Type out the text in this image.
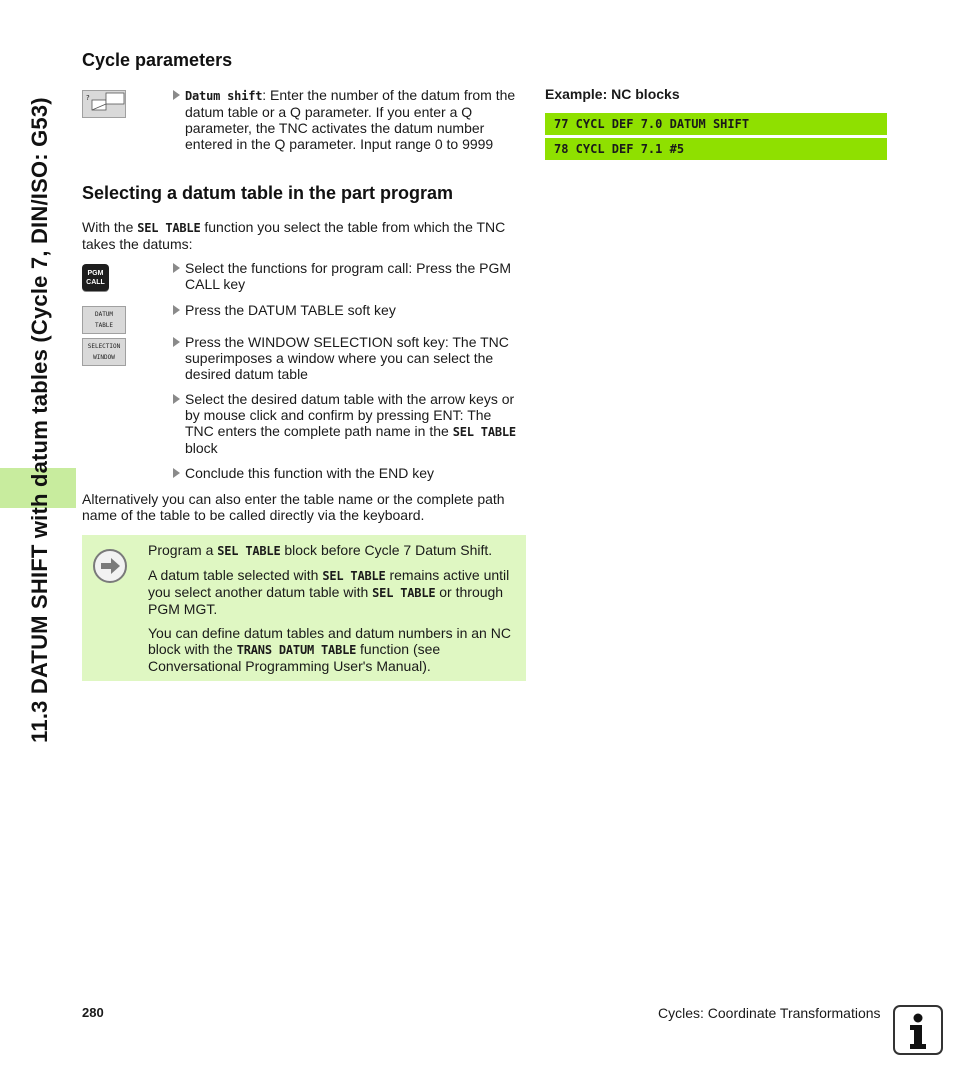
11.3 DATUM SHIFT with datum tables (Cycle 7, DIN/ISO: G53)
Cycle parameters
?	Datum shift: Enter the number of the datum from the
datum table or a Q parameter. If you enter a Q
parameter, the TNC activates the datum number
entered in the Q parameter. Input range 0 to 9999
Example: NC blocks
77 CYCL DEF 7.0 DATUM SHIFT
78 CYCL DEF 7.1 #5
Selecting a datum table in the part program
With the SEL TABLE function you select the table from which the TNC
takes the datums:
PGM
CALL
Select the functions for program call: Press the PGM
CALL key
DATUM
TABLE
Press the DATUM TABLE soft key
SELECTION
WINDOW
Press the WINDOW SELECTION soft key: The TNC
superimposes a window where you can select the
desired datum table
Select the desired datum table with the arrow keys or
by mouse click and confirm by pressing ENT: The
TNC enters the complete path name in the SEL TABLE
block
Conclude this function with the END key
Alternatively you can also enter the table name or the complete path
name of the table to be called directly via the keyboard.

Program a SEL TABLE block before Cycle 7 Datum Shift.

A datum table selected with SEL TABLE remains active until
you select another datum table with SEL TABLE or through
PGM MGT.

You can define datum tables and datum numbers in an NC
block with the TRANS DATUM TABLE function (see
Conversational Programming User's Manual).

280	Cycles: Coordinate Transformations
